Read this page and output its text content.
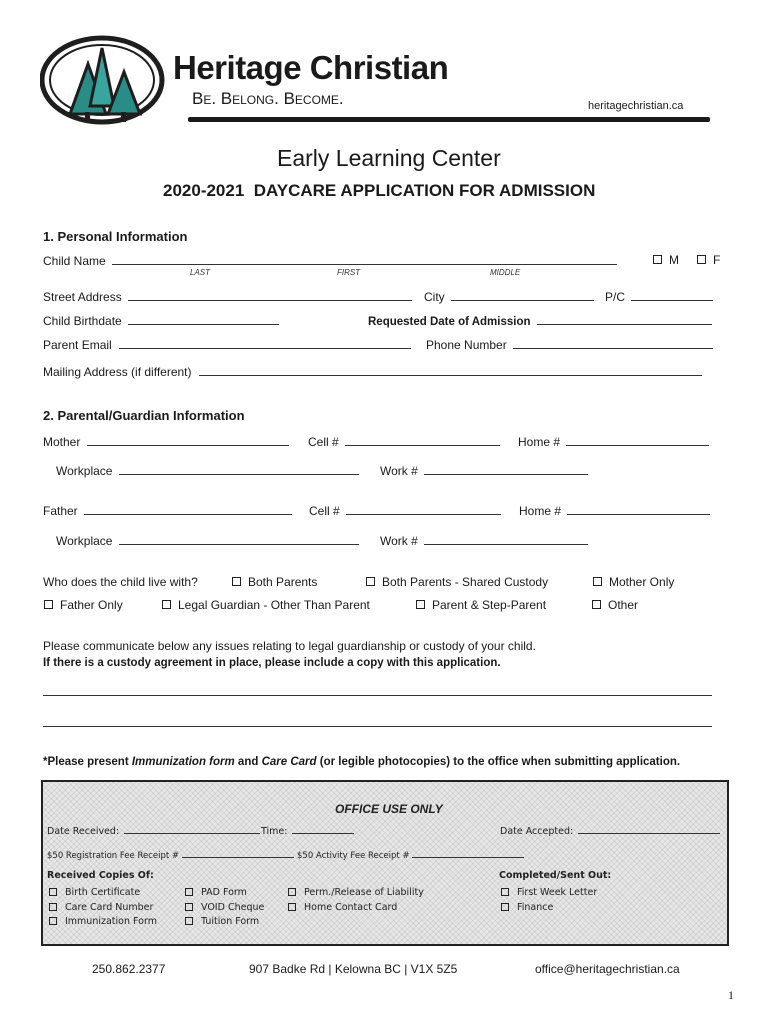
Heritage Christian
Be. Belong. Become.	heritagechristian.ca
Early Learning Center
2020-2021 DAYCARE APPLICATION FOR ADMISSION
1. Personal Information
Child Name
LAST	FIRST	MIDDLE
M	F
Street Address	City	P/C
Child Birthdate	Requested Date of Admission
Parent Email	Phone Number
Mailing Address (if different)
2. Parental/Guardian Information
Mother	Cell #	Home #
Workplace	Work #
Father	Cell #	Home #
Workplace	Work #
Who does the child live with?	Both Parents	Both Parents - Shared Custody	Mother Only
Father Only	Legal Guardian - Other Than Parent	Parent & Step-Parent	Other
Please communicate below any issues relating to legal guardianship or custody of your child.
If there is a custody agreement in place, please include a copy with this application.
*Please present Immunization form and Care Card (or legible photocopies) to the office when submitting application.
OFFICE USE ONLY
Date Received:	Time:	Date Accepted:
$50 Registration Fee Receipt #	$50 Activity Fee Receipt #
Received Copies Of:	Completed/Sent Out:
Birth Certificate
Care Card Number
Immunization Form
PAD Form
VOID Cheque
Tuition Form
Perm./Release of Liability
Home Contact Card
First Week Letter
Finance
250.862.2377	907 Badke Rd | Kelowna BC | V1X 5Z5	office@heritagechristian.ca
1
